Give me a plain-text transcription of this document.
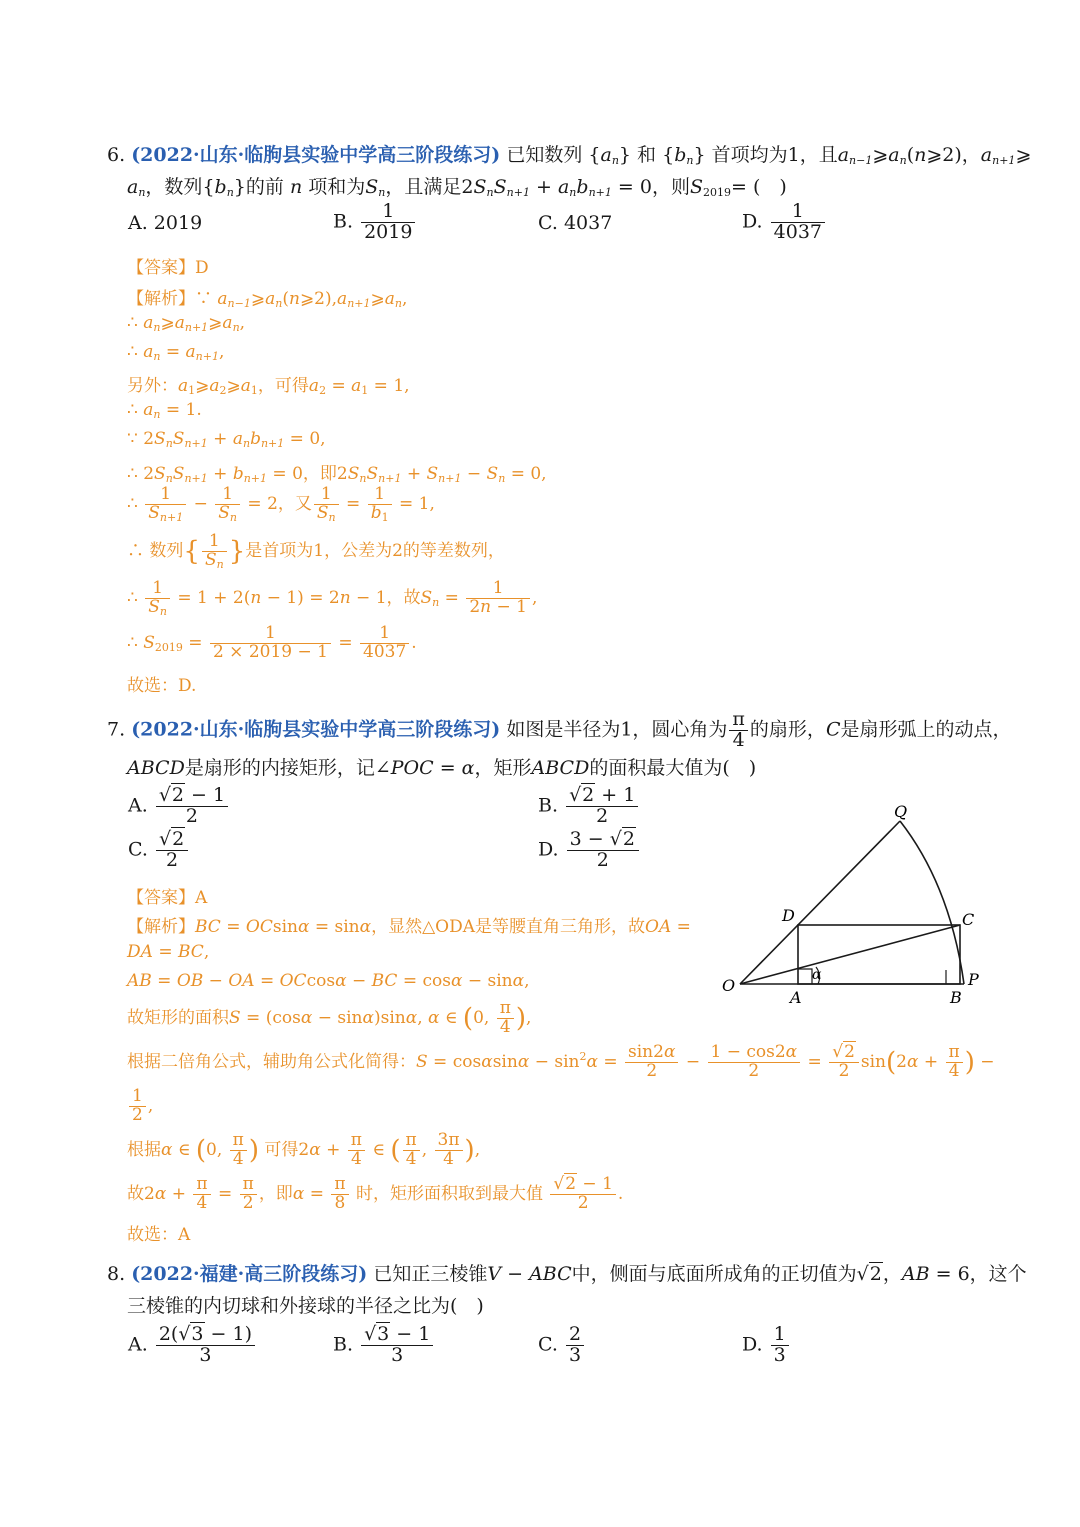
6. (2022·山东·临朐县实验中学高三阶段练习) 已知数列 $\{a_n\}$ 和 $\{b_n\}$ 首项均为1，且$a_{n-1}⩾a_n(n⩾2)$，$a_{n+1}⩾$
$a_n$，数列$\{b_n\}$的前 n 项和为$S_n$，且满足$2S_nS_{n+1} + a_nb_{n+1} = 0$，则$S_{2019}=$ (　)
A. 2019	B. $\frac{1}{2019}$	C. 4037	D. $\frac{1}{4037}$
【答案】D
【解析】∵ $a_{n-1}⩾a_n(n⩾2),a_{n+1}⩾a_n$,
∴ $a_n⩾a_{n+1}⩾a_n$,
∴ $a_n = a_{n+1}$,
另外：$a_1⩾a_2⩾a_1$，可得$a_2 = a_1 = 1$,
∴ $a_n = 1$.
∵ $2S_nS_{n+1} + a_nb_{n+1} = 0$,
∴ $2S_nS_{n+1} + b_{n+1} = 0$，即$2S_nS_{n+1} + S_{n+1} - S_n = 0$,
∴ $\frac{1}{S_{n+1}} - \frac{1}{S_n} = 2$，又 $\frac{1}{S_n} = \frac{1}{b_1} = 1$,
∴ 数列{ $\frac{1}{S_n}$ }是首项为1，公差为2的等差数列，
∴ $\frac{1}{S_n} = 1 + 2(n - 1) = 2n - 1$，故$S_n = \frac{1}{2n - 1}$ ,
∴ $S_{2019} = \frac{1}{2 \times 2019 - 1} = \frac{1}{4037}$ .
故选：D.
7. (2022·山东·临朐县实验中学高三阶段练习) 如图是半径为1，圆心角为 $\frac{\pi}{4}$ 的扇形，C是扇形弧上的动点，
ABCD是扇形的内接矩形，记∠POC = α，矩形ABCD的面积最大值为(　)
A. $\frac{√2 - 1}{2}$	B. $\frac{√2 + 1}{2}$
C. $\frac{√2}{2}$	D. $\frac{3 - √2}{2}$
【答案】A
【解析】BC = OCsinα = sinα，显然△ODA是等腰直角三角形，故OA =
DA = BC,
AB = OB − OA = OCcosα − BC = cosα − sinα,
故矩形的面积S = (cosα − sinα)sinα, α ∈ (0, $\frac{\pi}{4}$ ),
根据二倍角公式，辅助角公式化简得：$S = \cos\alpha\sin\alpha - \sin^2\alpha = \frac{\sin 2\alpha}{2} - \frac{1 - \cos 2\alpha}{2} = \frac{√2}{2} \sin(2\alpha + \frac{\pi}{4}$ ) −
$\frac{1}{2}$ ,
根据α ∈ (0, $\frac{\pi}{4}$ ) 可得$2\alpha + \frac{\pi}{4}$ ∈ ( $\frac{\pi}{4}$ , $\frac{3\pi}{4}$ ),
故$2\alpha + \frac{\pi}{4} = \frac{\pi}{2}$ ，即$\alpha = \frac{\pi}{8}$ 时，矩形面积取到最大值 $\frac{√2 - 1}{2}$ .
故选：A
Q
D	C
O
A	B
P
α
8. (2022·福建·高三阶段练习) 已知正三棱锥V − ABC中，侧面与底面所成角的正切值为√2，AB = 6，这个
三棱锥的内切球和外接球的半径之比为(　)
A. $\frac{2(√3 - 1)}{3}$	B. $\frac{√3 - 1}{3}$	C. $\frac{2}{3}$	D. $\frac{1}{3}$
